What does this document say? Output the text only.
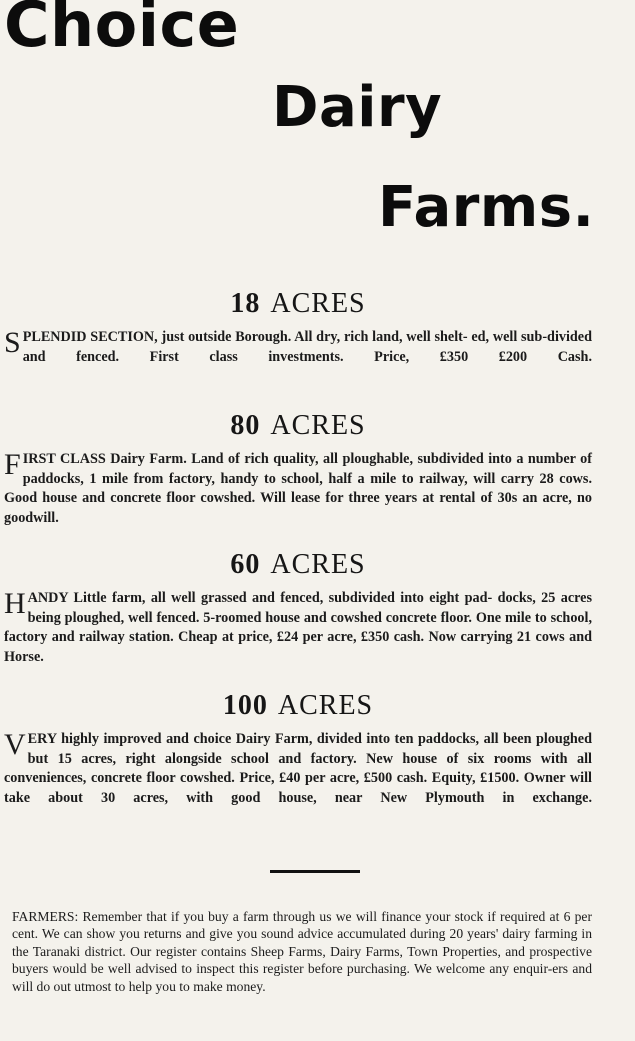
Choice
Dairy
Farms.
18 ACRES

SPLENDID SECTION, just outside Borough. All dry, rich land, well shelt- ed, well sub-divided and fenced. First class investments. Price, £350 £200 Cash.

80 ACRES

FIRST CLASS Dairy Farm. Land of rich quality, all ploughable, subdivided into a number of paddocks, 1 mile from factory, handy to school, half a mile to railway, will carry 28 cows. Good house and concrete floor cowshed. Will lease for three years at rental of 30s an acre, no goodwill.

60 ACRES

HANDY Little farm, all well grassed and fenced, subdivided into eight pad- docks, 25 acres being ploughed, well fenced. 5-roomed house and cowshed concrete floor. One mile to school, factory and railway station. Cheap at price, £24 per acre, £350 cash. Now carrying 21 cows and Horse.

100 ACRES

VERY highly improved and choice Dairy Farm, divided into ten paddocks, all been ploughed but 15 acres, right alongside school and factory. New house of six rooms with all conveniences, concrete floor cowshed. Price, £40 per acre, £500 cash. Equity, £1500. Owner will take about 30 acres, with good house, near New Plymouth in exchange.

FARMERS: Remember that if you buy a farm through us we will finance your stock if required at 6 per cent. We can show you returns and give you sound advice accumulated during 20 years' dairy farming in the Taranaki district. Our register contains Sheep Farms, Dairy Farms, Town Properties, and prospective buyers would be well advised to inspect this register before purchasing. We welcome any enquir-ers and will do out utmost to help you to make money.
